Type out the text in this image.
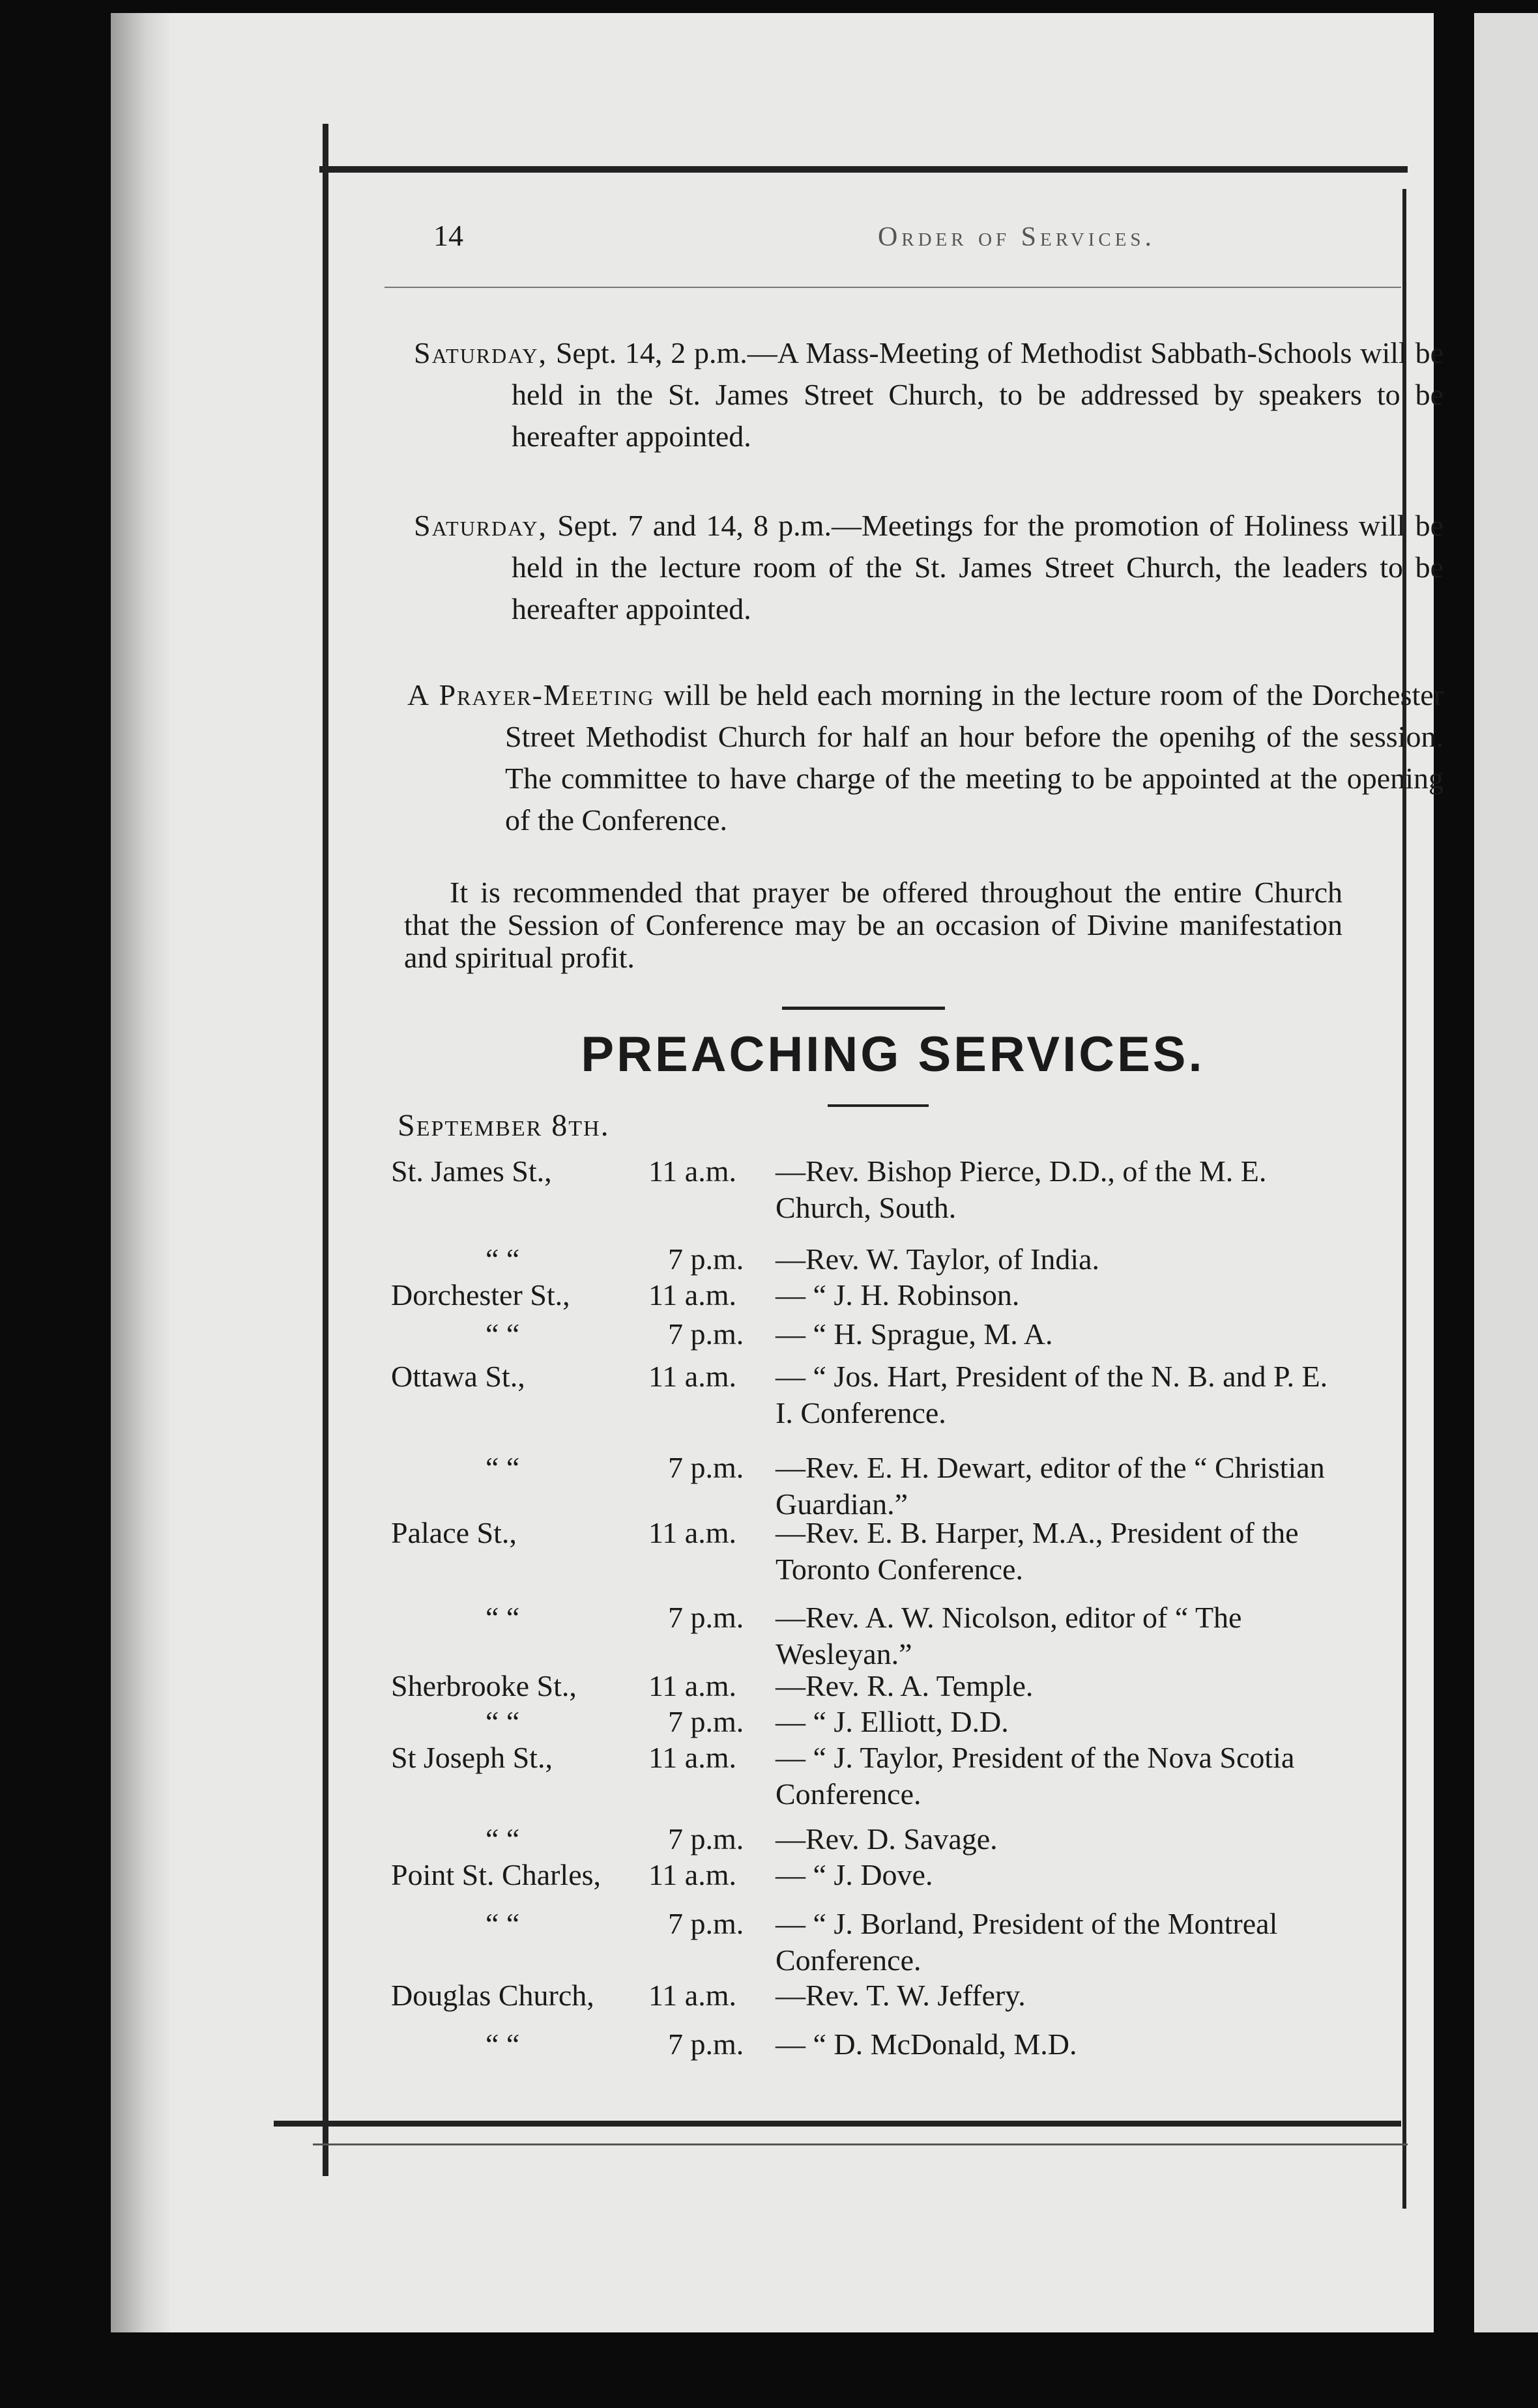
14	Order of Services.
Saturday, Sept. 14, 2 p.m.—A Mass-Meeting of Methodist Sabbath-Schools will be held in the St. James Street Church, to be addressed by speakers to be hereafter appointed.
Saturday, Sept. 7 and 14, 8 p.m.—Meetings for the promotion of Holiness will be held in the lecture room of the St. James Street Church, the leaders to be hereafter appointed.
A Prayer-Meeting will be held each morning in the lecture room of the Dorchester Street Methodist Church for half an hour before the openihg of the session. The committee to have charge of the meeting to be appointed at the opening of the Conference.
It is recommended that prayer be offered throughout the entire Church that the Session of Conference may be an occasion of Divine manifestation and spiritual profit.
PREACHING SERVICES.
September 8th.
St. James St.,	11 a.m. —Rev. Bishop Pierce, D.D., of the M. E. Church, South.
“ “	7 p.m. —Rev. W. Taylor, of India.
Dorchester St.,	11 a.m. — “ J. H. Robinson.
“ “	7 p.m. — “ H. Sprague, M. A.
Ottawa St.,	11 a.m. — “ Jos. Hart, President of the N. B. and P. E. I. Conference.
“ “	7 p.m. —Rev. E. H. Dewart, editor of the “ Christian Guardian.”
Palace St.,	11 a.m. —Rev. E. B. Harper, M.A., President of the Toronto Conference.
“ “	7 p.m. —Rev. A. W. Nicolson, editor of “ The Wesleyan.”
Sherbrooke St., 11 a.m. —Rev. R. A. Temple.
“ “	7 p.m. — “ J. Elliott, D.D.
St Joseph St.,	11 a.m. — “ J. Taylor, President of the Nova Scotia Conference.
“ “	7 p.m. —Rev. D. Savage.
Point St. Charles, 11 a.m. — “ J. Dove.
“ “	7 p.m. — “ J. Borland, President of the Montreal Conference.
Douglas Church, 11 a.m. —Rev. T. W. Jeffery.
“ “	7 p.m. — “ D. McDonald, M.D.
